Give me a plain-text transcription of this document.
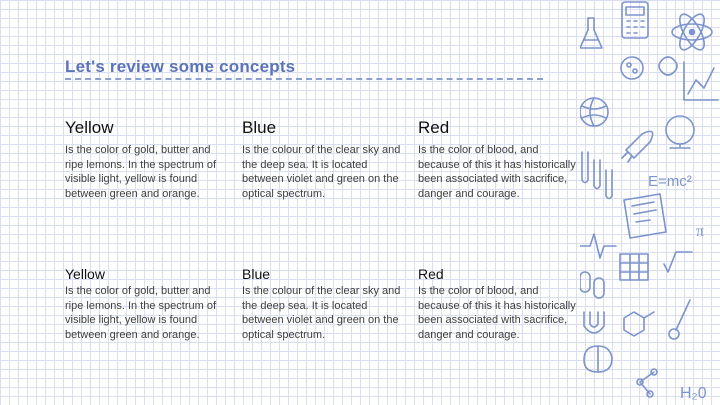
Let's review some concepts
Yellow

Is the color of gold, butter and ripe lemons. In the spectrum of visible light, yellow is found between green and orange.

Blue

Is the colour of the clear sky and the deep sea. It is located between violet and green on the optical spectrum.

Red

Is the color of blood, and because of this it has historically been associated with sacrifice, danger and courage.

Yellow

Is the color of gold, butter and ripe lemons. In the spectrum of visible light, yellow is found between green and orange.

Blue

Is the colour of the clear sky and the deep sea. It is located between violet and green on the optical spectrum.

Red

Is the color of blood, and because of this it has historically been associated with sacrifice, danger and courage.

E=mc²
π
H₂0
